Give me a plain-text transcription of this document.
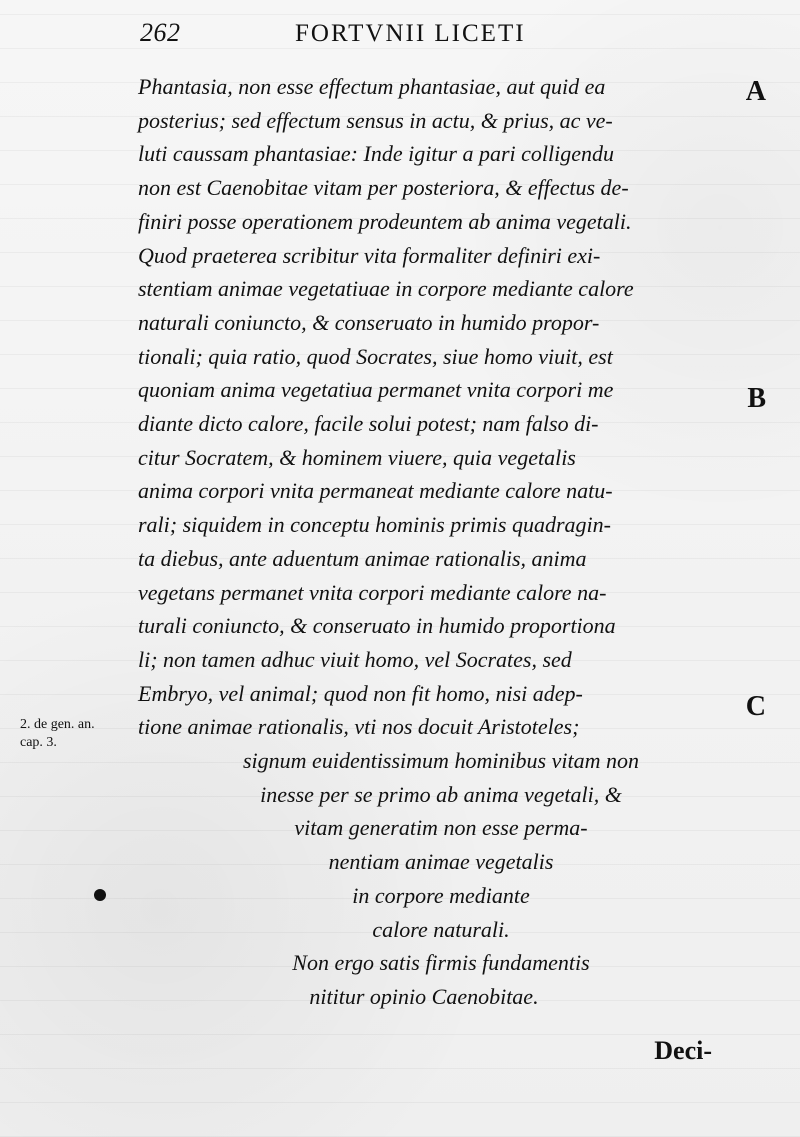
262	FORTVNII LICETI
Phantasia, non esse effectum phantasiae, aut quid ea
posterius; sed effectum sensus in actu, & prius, ac ve-
luti caussam phantasiae: Inde igitur a pari colligendu
non est Caenobitae vitam per posteriora, & effectus de-
finiri posse operationem prodeuntem ab anima vegetali.
Quod praeterea scribitur vita formaliter definiri exi-
stentiam animae vegetatiuae in corpore mediante calore
naturali coniuncto, & conseruato in humido propor-
tionali; quia ratio, quod Socrates, siue homo viuit, est
quoniam anima vegetatiua permanet vnita corpori me
diante dicto calore, facile solui potest; nam falso di-
citur Socratem, & hominem viuere, quia vegetalis
anima corpori vnita permaneat mediante calore natu-
rali; siquidem in conceptu hominis primis quadragin-
ta diebus, ante aduentum animae rationalis, anima
vegetans permanet vnita corpori mediante calore na-
turali coniuncto, & conseruato in humido proportiona
li; non tamen adhuc viuit homo, vel Socrates, sed
Embryo, vel animal; quod non fit homo, nisi adep-
tione animae rationalis, vti nos docuit Aristoteles;
signum euidentissimum hominibus vitam non
inesse per se primo ab anima vegetali, &
vitam generatim non esse perma-
nentiam animae vegetalis
in corpore mediante
calore naturali.
Non ergo satis firmis fundamentis
nititur opinio Caenobitae.
A
B
C
2. de gen. an.
cap. 3.
Deci-
